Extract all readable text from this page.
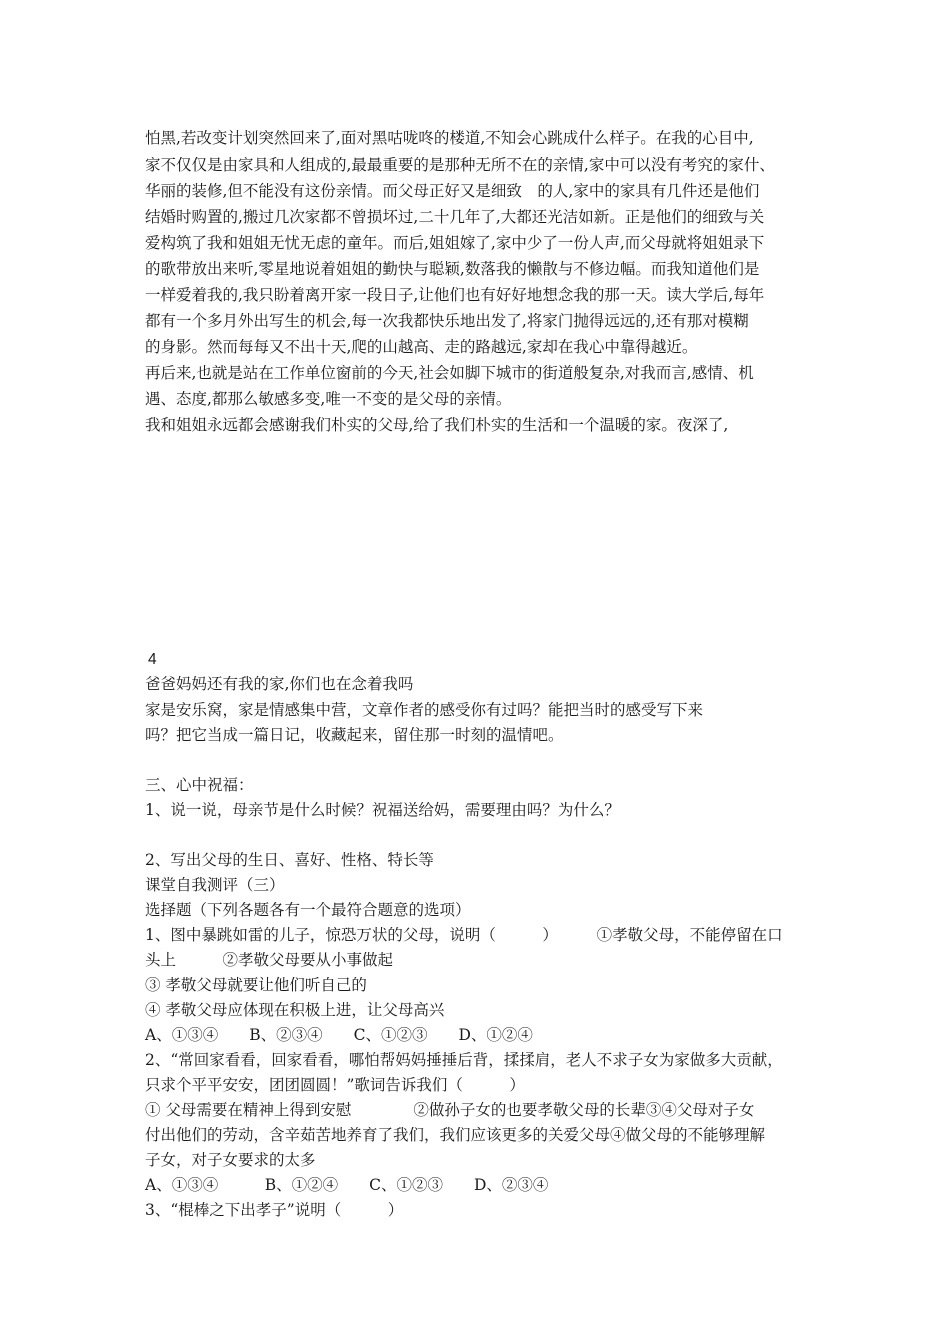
怕黑,若改变计划突然回来了,面对黑咕咙咚的楼道,不知会心跳成什么样子。在我的心目中,
家不仅仅是由家具和人组成的,最最重要的是那种无所不在的亲情,家中可以没有考究的家什、
华丽的装修,但不能没有这份亲情。而父母正好又是细致　的人,家中的家具有几件还是他们
结婚时购置的,搬过几次家都不曾损坏过,二十几年了,大都还光洁如新。正是他们的细致与关
爱构筑了我和姐姐无忧无虑的童年。而后,姐姐嫁了,家中少了一份人声,而父母就将姐姐录下
的歌带放出来听,零星地说着姐姐的勤快与聪颖,数落我的懒散与不修边幅。而我知道他们是
一样爱着我的,我只盼着离开家一段日子,让他们也有好好地想念我的那一天。读大学后,每年
都有一个多月外出写生的机会,每一次我都快乐地出发了,将家门抛得远远的,还有那对模糊
的身影。然而每每又不出十天,爬的山越高、走的路越远,家却在我心中靠得越近。
再后来,也就是站在工作单位窗前的今天,社会如脚下城市的街道般复杂,对我而言,感情、机
遇、态度,都那么敏感多变,唯一不变的是父母的亲情。
我和姐姐永远都会感谢我们朴实的父母,给了我们朴实的生活和一个温暖的家。夜深了,
4
爸爸妈妈还有我的家,你们也在念着我吗
家是安乐窝，家是情感集中营，文章作者的感受你有过吗？能把当时的感受写下来
吗？把它当成一篇日记，收藏起来，留住那一时刻的温情吧。
三、心中祝福：
1、说一说，母亲节是什么时候？祝福送给妈，需要理由吗？为什么？
2、写出父母的生日、喜好、性格、特长等
课堂自我测评（三）
选择题（下列各题各有一个最符合题意的选项）
1、图中暴跳如雷的儿子，惊恐万状的父母，说明（　　　）　　　①孝敬父母，不能停留在口
头上　　　②孝敬父母要从小事做起
③ 孝敬父母就要让他们听自己的
④ 孝敬父母应体现在积极上进，让父母高兴
A、①③④　　B、②③④　　C、①②③　　D、①②④
2、“常回家看看，回家看看，哪怕帮妈妈捶捶后背，揉揉肩，老人不求子女为家做多大贡献，
只求个平平安安，团团圆圆！”歌词告诉我们（　　　）
① 父母需要在精神上得到安慰　　　　②做孙子女的也要孝敬父母的长辈③④父母对子女
付出他们的劳动，含辛茹苦地养育了我们，我们应该更多的关爱父母④做父母的不能够理解
子女，对子女要求的太多
A、①③④　　　B、①②④　　C、①②③　　D、②③④
3、“棍棒之下出孝子”说明（　　　）
